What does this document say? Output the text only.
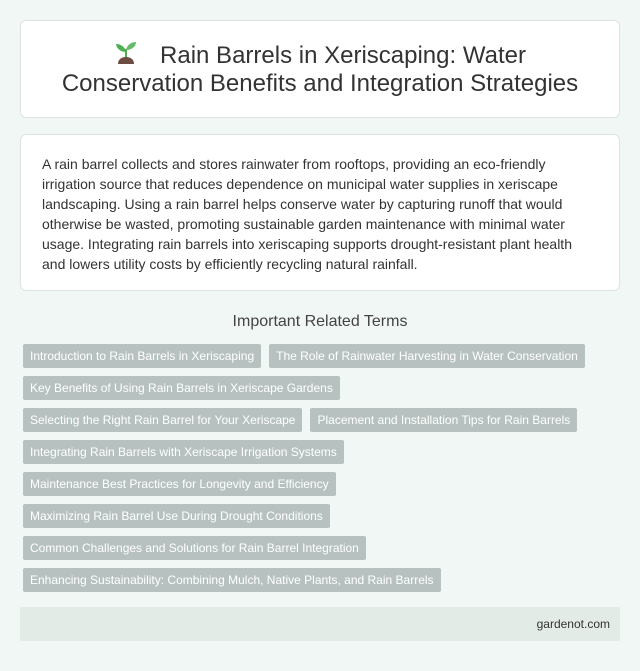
Rain Barrels in Xeriscaping: Water Conservation Benefits and Integration Strategies

A rain barrel collects and stores rainwater from rooftops, providing an eco-friendly irrigation source that reduces dependence on municipal water supplies in xeriscape landscaping. Using a rain barrel helps conserve water by capturing runoff that would otherwise be wasted, promoting sustainable garden maintenance with minimal water usage. Integrating rain barrels into xeriscaping supports drought-resistant plant health and lowers utility costs by efficiently recycling natural rainfall.

Important Related Terms
Introduction to Rain Barrels in Xeriscaping	The Role of Rainwater Harvesting in Water Conservation
Key Benefits of Using Rain Barrels in Xeriscape Gardens
Selecting the Right Rain Barrel for Your Xeriscape	Placement and Installation Tips for Rain Barrels
Integrating Rain Barrels with Xeriscape Irrigation Systems
Maintenance Best Practices for Longevity and Efficiency
Maximizing Rain Barrel Use During Drought Conditions
Common Challenges and Solutions for Rain Barrel Integration
Enhancing Sustainability: Combining Mulch, Native Plants, and Rain Barrels
gardenot.com
